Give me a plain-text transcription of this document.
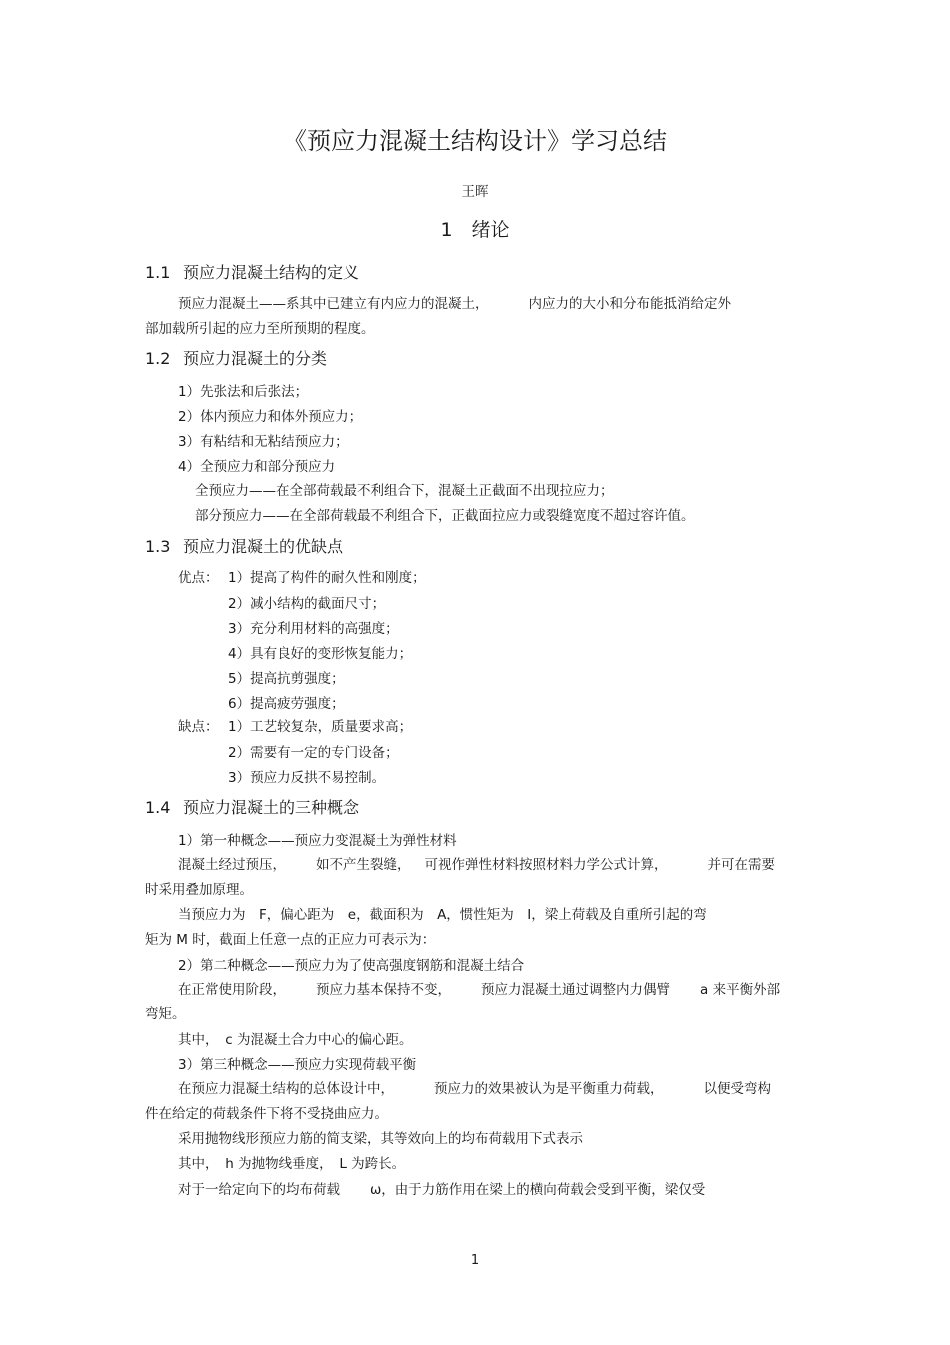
《预应力混凝土结构设计》学习总结
王晖
1　绪论
1.1 预应力混凝土结构的定义
预应力混凝土——系其中已建立有内应力的混凝土，	内应力的大小和分布能抵消给定外
部加载所引起的应力至所预期的程度。
1.2 预应力混凝土的分类
1）先张法和后张法；
2）体内预应力和体外预应力；
3）有粘结和无粘结预应力；
4）全预应力和部分预应力
全预应力——在全部荷载最不利组合下，混凝土正截面不出现拉应力；
部分预应力——在全部荷载最不利组合下，正截面拉应力或裂缝宽度不超过容许值。
1.3 预应力混凝土的优缺点
优点： 1）提高了构件的耐久性和刚度；
2）减小结构的截面尺寸；
3）充分利用材料的高强度；
4）具有良好的变形恢复能力；
5）提高抗剪强度；
6）提高疲劳强度；
缺点： 1）工艺较复杂，质量要求高；
2）需要有一定的专门设备；
3）预应力反拱不易控制。
1.4 预应力混凝土的三种概念
1）第一种概念——预应力变混凝土为弹性材料
混凝土经过预压， 如不产生裂缝， 可视作弹性材料按照材料力学公式计算，	并可在需要
时采用叠加原理。
当预应力为　F，偏心距为　e，截面积为　A，惯性矩为　I，梁上荷载及自重所引起的弯
矩为 M 时，截面上任意一点的正应力可表示为：
2）第二种概念——预应力为了使高强度钢筋和混凝土结合
在正常使用阶段， 预应力基本保持不变， 预应力混凝土通过调整内力偶臂 a 来平衡外部
弯矩。
其中，　c 为混凝土合力中心的偏心距。
3）第三种概念——预应力实现荷载平衡
在预应力混凝土结构的总体设计中，	预应力的效果被认为是平衡重力荷载，	以便受弯构
件在给定的荷载条件下将不受挠曲应力。
采用抛物线形预应力筋的简支梁，其等效向上的均布荷载用下式表示
其中，　h 为抛物线垂度，　L 为跨长。
对于一给定向下的均布荷载 ω，由于力筋作用在梁上的横向荷载会受到平衡，梁仅受
1
